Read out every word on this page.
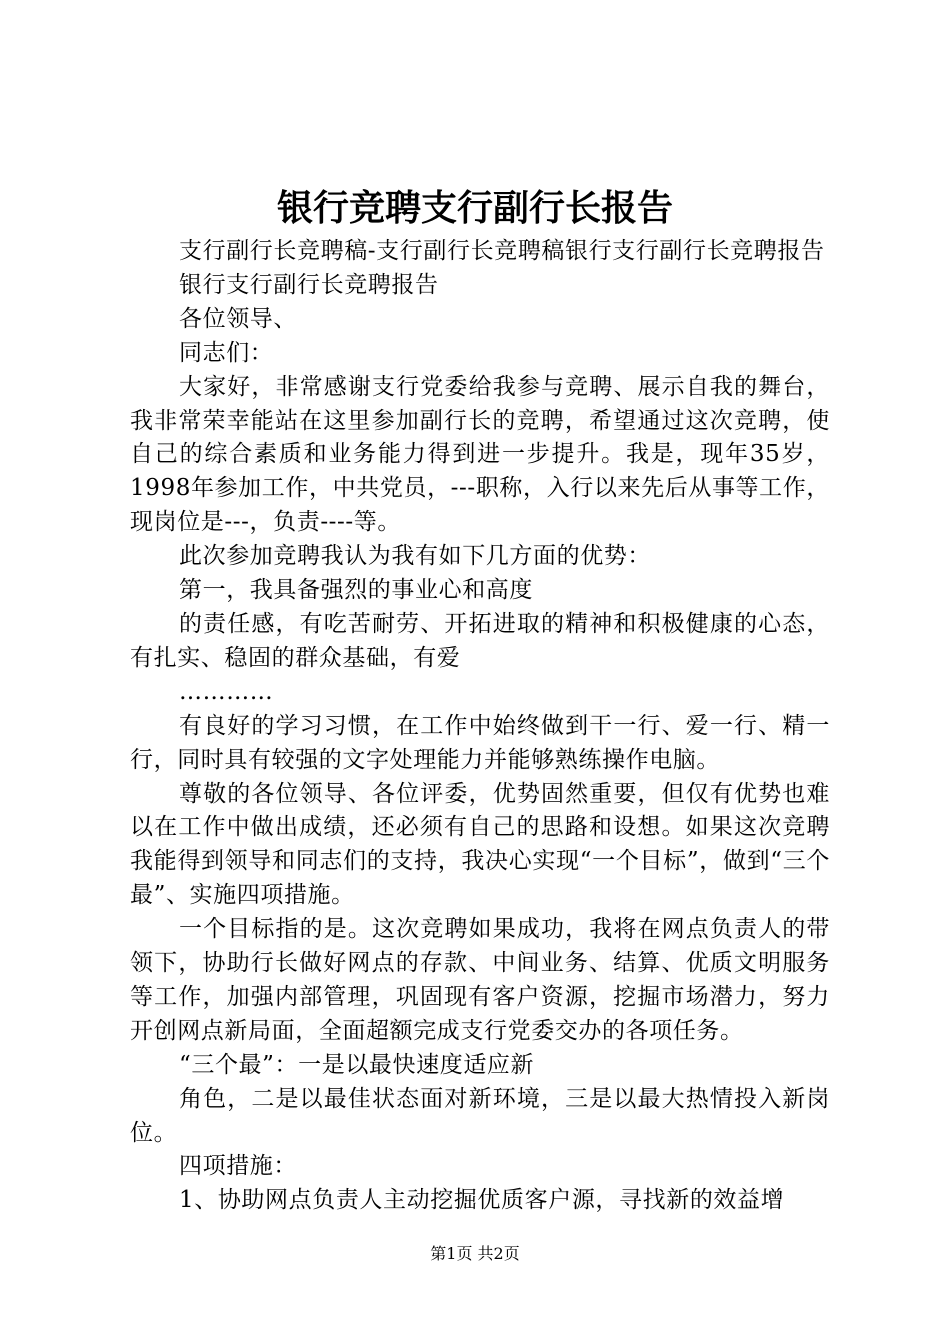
银行竞聘支行副行长报告

支行副行长竞聘稿-支行副行长竞聘稿银行支行副行长竞聘报告

银行支行副行长竞聘报告

各位领导、

同志们：

大家好，非常感谢支行党委给我参与竞聘、展示自我的舞台，我非常荣幸能站在这里参加副行长的竞聘，希望通过这次竞聘，使自己的综合素质和业务能力得到进一步提升。我是，现年35岁，1998年参加工作，中共党员，---职称，入行以来先后从事等工作，现岗位是---，负责----等。

此次参加竞聘我认为我有如下几方面的优势：

第一，我具备强烈的事业心和高度

的责任感，有吃苦耐劳、开拓进取的精神和积极健康的心态，有扎实、稳固的群众基础，有爱

…………

有良好的学习习惯，在工作中始终做到干一行、爱一行、精一行，同时具有较强的文字处理能力并能够熟练操作电脑。

尊敬的各位领导、各位评委，优势固然重要，但仅有优势也难以在工作中做出成绩，还必须有自己的思路和设想。如果这次竞聘我能得到领导和同志们的支持，我决心实现“一个目标”，做到“三个最”、实施四项措施。

一个目标指的是。这次竞聘如果成功，我将在网点负责人的带领下，协助行长做好网点的存款、中间业务、结算、优质文明服务等工作，加强内部管理，巩固现有客户资源，挖掘市场潜力，努力开创网点新局面，全面超额完成支行党委交办的各项任务。

“三个最”：一是以最快速度适应新

角色，二是以最佳状态面对新环境，三是以最大热情投入新岗位。

四项措施：

1、协助网点负责人主动挖掘优质客户源，寻找新的效益增

第1页 共2页
